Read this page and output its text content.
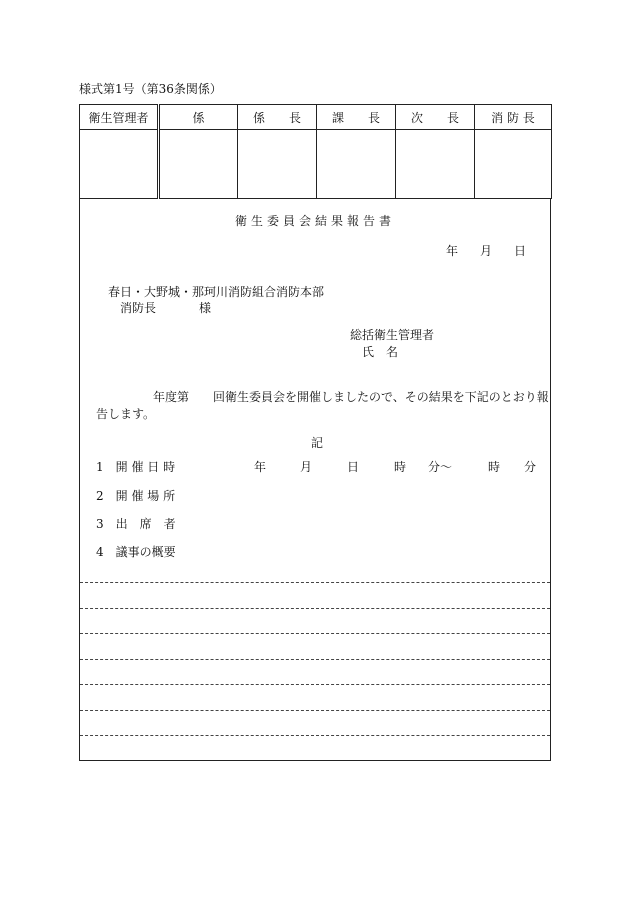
様式第1号（第36条関係）
衛生管理者	係	係　　長	課　　長	次　　長	消 防 長

衛生委員会結果報告書
年 月 日
春日・大野城・那珂川消防組合消防本部
消防長	様
総括衛生管理者
氏　名
年度第　　回衛生委員会を開催しましたので、その結果を下記のとおり報
告します。
記
1　開 催 日 時	年	月	日	時 分〜	時 分
2　開 催 場 所
3　出　席　者
4　議事の概要
